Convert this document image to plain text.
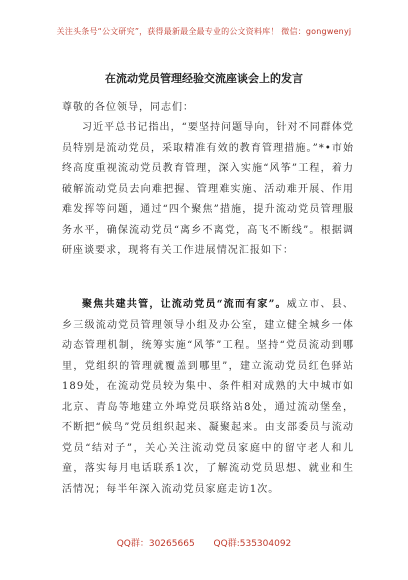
关注头条号“公文研究”，获得最新最全最专业的公文资料库！ 微信：gongwenyj
在流动党员管理经验交流座谈会上的发言
尊敬的各位领导，同志们：

习近平总书记指出，“要坚持问题导向，针对不同群体党员特别是流动党员，采取精准有效的教育管理措施。”*•市始终高度重视流动党员教育管理，深入实施“风筝”工程，着力破解流动党员去向难把握、管理难实施、活动难开展、作用难发挥等问题，通过“四个聚焦”措施，提升流动党员管理服务水平，确保流动党员“离乡不离党，高飞不断线”。根据调研座谈要求，现将有关工作进展情况汇报如下：

聚焦共建共管，让流动党员“流而有家”。威立市、县、乡三级流动党员管理领导小组及办公室，建立健全城乡一体动态管理机制，统筹实施“风筝”工程。坚持“党员流动到哪里，党组织的管理就覆盖到哪里”，建立流动党员红色驿站189处，在流动党员较为集中、条件相对成熟的大中城市如北京、青岛等地建立外埠党员联络站8处，通过流动堡垒，不断把“候鸟”党员组织起来、凝聚起来。由支部委员与流动党员“结对子”，关心关注流动党员家庭中的留守老人和儿童，落实每月电话联系1次，了解流动党员思想、就业和生活情况；每半年深入流动党员家庭走访1次。

QQ群：30265665 QQ群:535304092
